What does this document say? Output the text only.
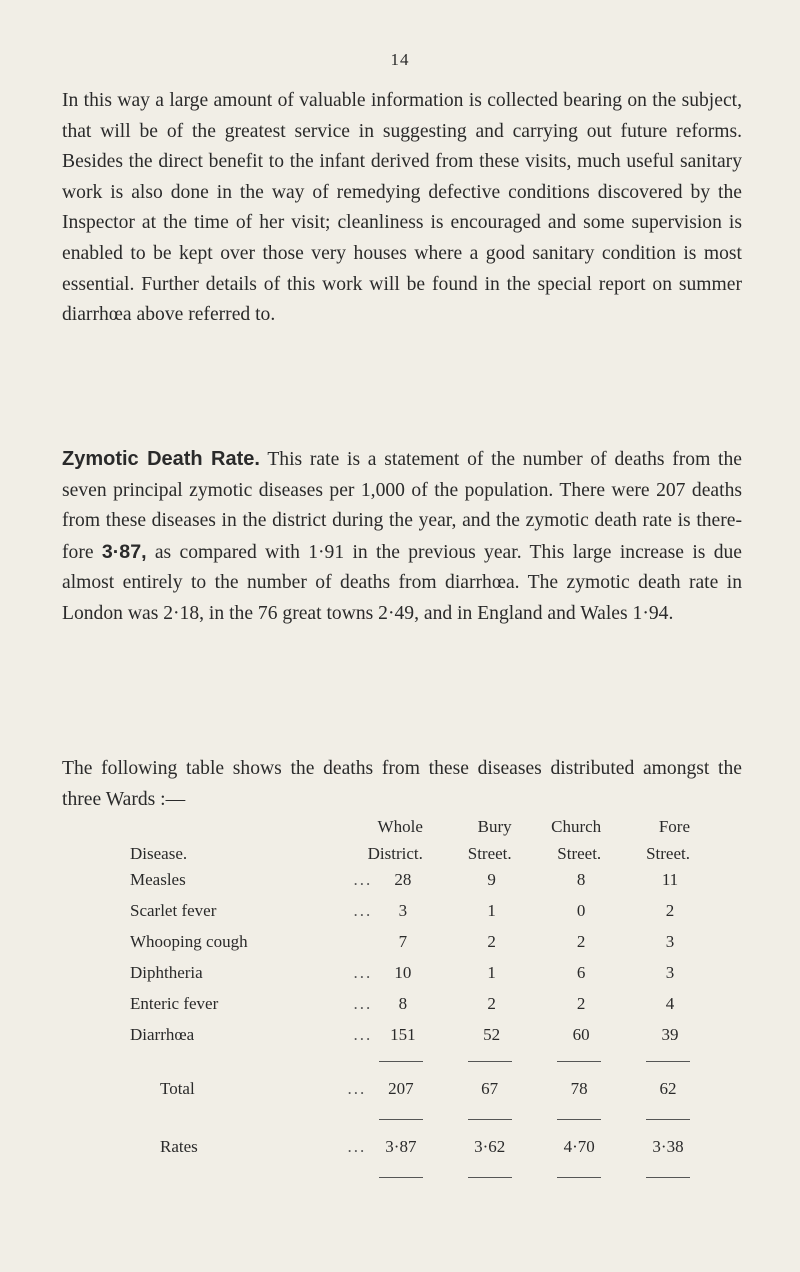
14

In this way a large amount of valuable information is collected bearing on the subject, that will be of the greatest service in suggesting and carrying out future reforms. Besides the direct benefit to the infant derived from these visits, much useful sanitary work is also done in the way of remedying defective conditions discovered by the Inspector at the time of her visit; cleanliness is encouraged and some supervision is enabled to be kept over those very houses where a good sanitary condition is most essential. Further details of this work will be found in the special report on summer diarrhœa above referred to.

Zymotic Death Rate. This rate is a statement of the number of deaths from the seven principal zymotic diseases per 1,000 of the population. There were 207 deaths from these diseases in the district during the year, and the zymotic death rate is there- fore 3·87, as compared with 1·91 in the previous year. This large increase is due almost entirely to the number of deaths from diarrhœa. The zymotic death rate in London was 2·18, in the 76 great towns 2·49, and in England and Wales 1·94.

The following table shows the deaths from these diseases distributed amongst the three Wards :—

	Whole	Bury	Church	Fore
Disease.	District.	Street.	Street.	Street.
Measles	... 28	9	8	11
Scarlet fever	... 3	1	0	2
Whooping cough	7	2	2	3
Diphtheria	... 10	1	6	3
Enteric fever	... 8	2	2	4
Diarrhœa	... 151	52	60	39

Total	... 207	67	78	62

Rates	... 3·87	3·62	4·70	3·38
